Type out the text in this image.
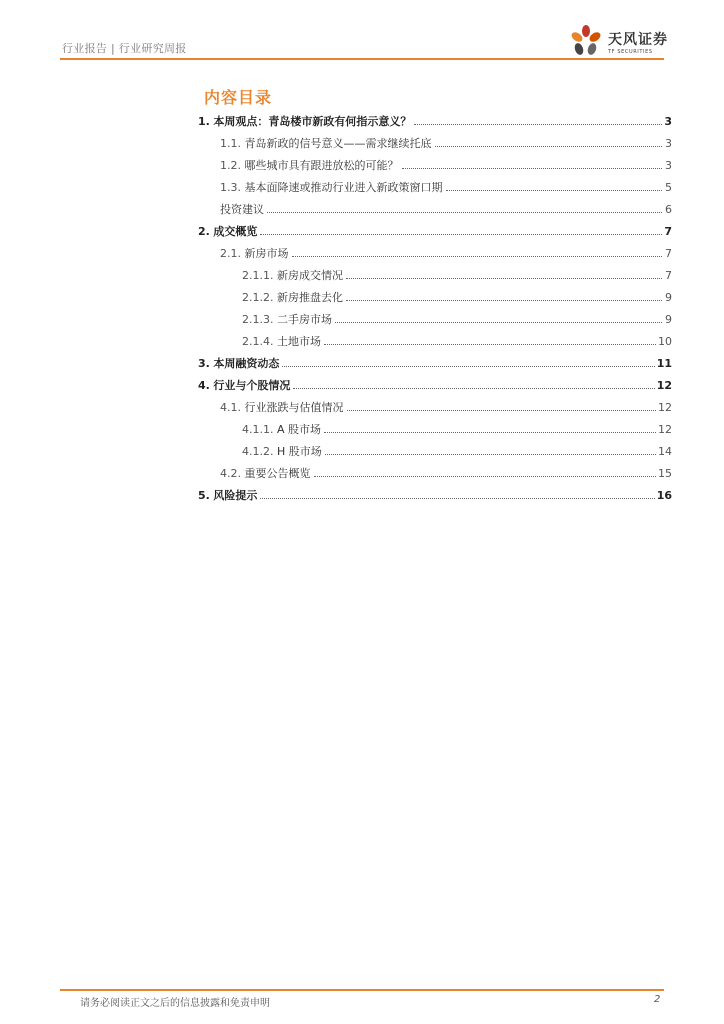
行业报告 | 行业研究周报
天风证券
TF SECURITIES
内容目录
1.
本周观点：青岛楼市新政有何指示意义？	3
1.1.
青岛新政的信号意义——需求继续托底	3
1.2.
哪些城市具有跟进放松的可能？	3
1.3.
基本面降速或推动行业进入新政策窗口期	5
投资建议	6
2.
成交概览	7
2.1.
新房市场	7
2.1.1.
新房成交情况	7
2.1.2.
新房推盘去化	9
2.1.3.
二手房市场	9
2.1.4.
土地市场	10
3.
本周融资动态	11
4.
行业与个股情况	12
4.1.
行业涨跌与估值情况	12
4.1.1.
A 股市场	12
4.1.2.
H 股市场	14
4.2.
重要公告概览	15
5.
风险提示	16
请务必阅读正文之后的信息披露和免责申明	2
